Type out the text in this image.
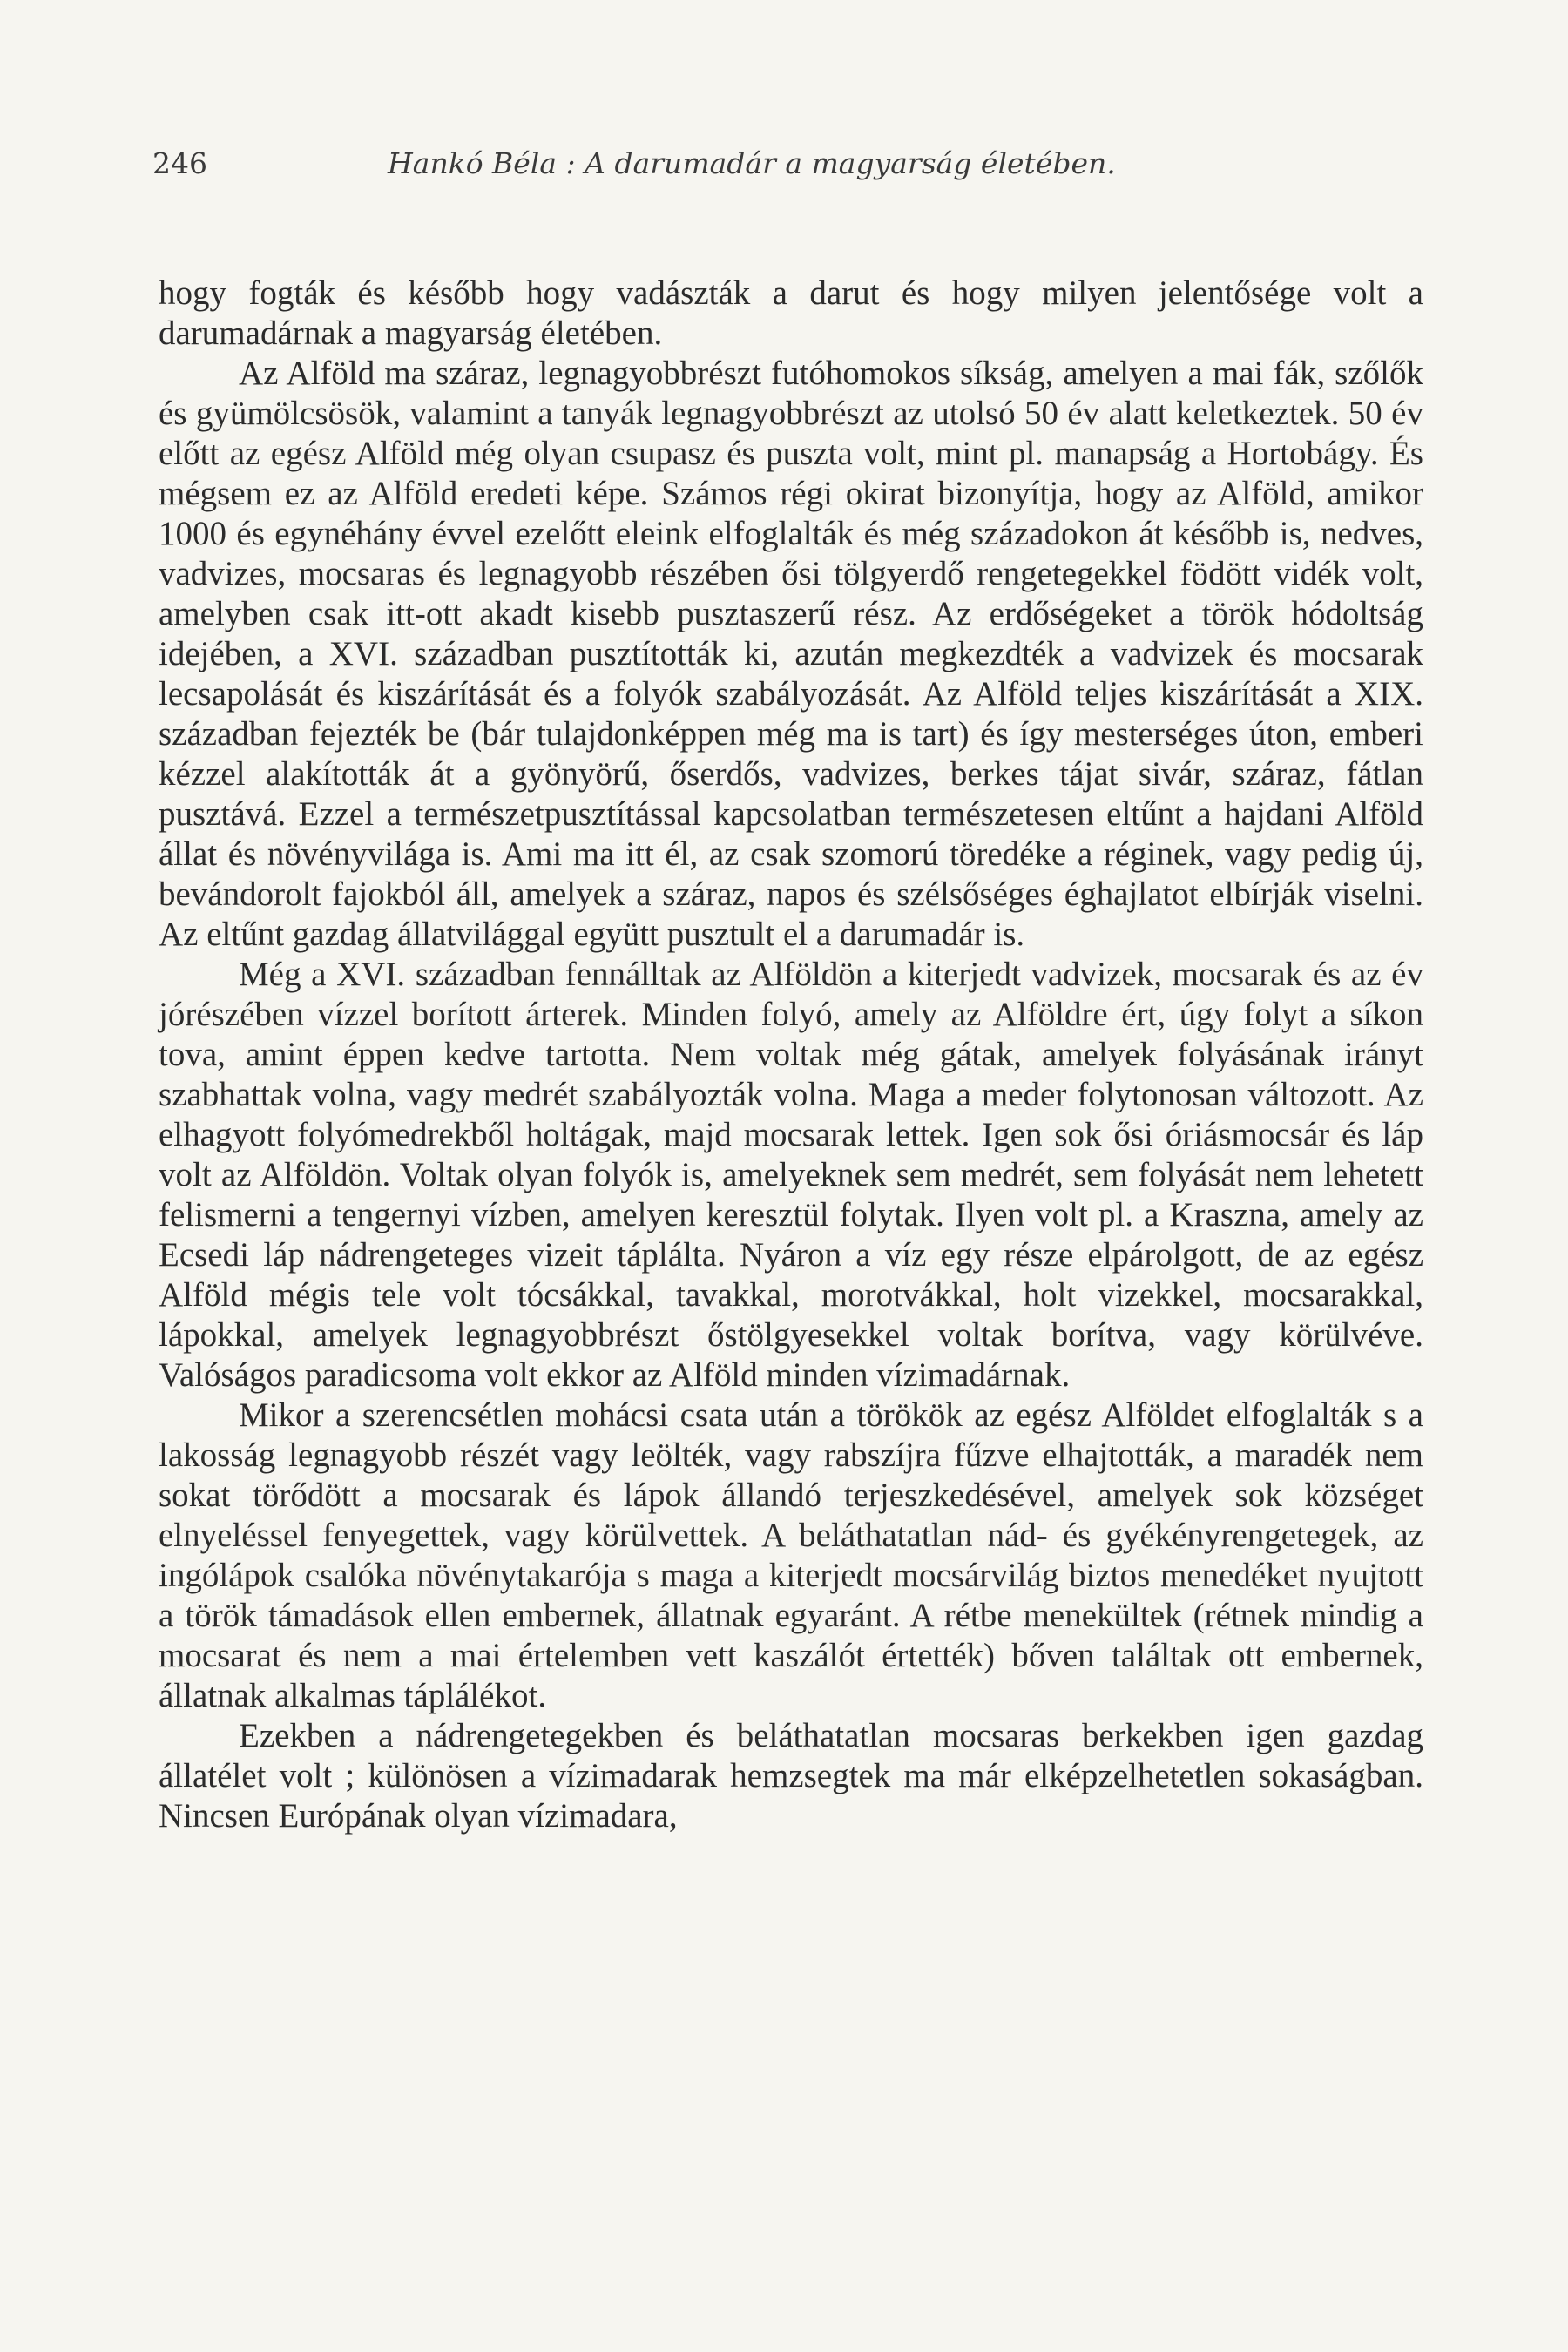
246	Hankó Béla : A darumadár a magyarság életében.

hogy fogták és később hogy vadászták a darut és hogy milyen jelentősége volt a darumadárnak a magyarság életében.

Az Alföld ma száraz, legnagyobbrészt futóhomokos síkság, amelyen a mai fák, szőlők és gyümölcsösök, valamint a tanyák legnagyobbrészt az utolsó 50 év alatt keletkeztek. 50 év előtt az egész Alföld még olyan csupasz és puszta volt, mint pl. manapság a Hortobágy. És mégsem ez az Alföld eredeti képe. Számos régi okirat bizonyítja, hogy az Alföld, amikor 1000 és egynéhány évvel ezelőtt eleink elfoglalták és még századokon át később is, nedves, vadvizes, mocsaras és legnagyobb részében ősi tölgyerdő rengetegekkel födött vidék volt, amelyben csak itt-ott akadt kisebb pusztaszerű rész. Az erdőségeket a török hódoltság idejében, a XVI. században pusztították ki, azután megkezdték a vadvizek és mocsarak lecsapolását és kiszárítását és a folyók szabályozását. Az Alföld teljes kiszárítását a XIX. században fejezték be (bár tulajdonképpen még ma is tart) és így mesterséges úton, emberi kézzel alakították át a gyönyörű, őserdős, vadvizes, berkes tájat sivár, száraz, fátlan pusztává. Ezzel a természetpusztítással kapcsolatban természetesen eltűnt a hajdani Alföld állat és növényvilága is. Ami ma itt él, az csak szomorú töredéke a réginek, vagy pedig új, bevándorolt fajokból áll, amelyek a száraz, napos és szélsőséges éghajlatot elbírják viselni. Az eltűnt gazdag állatvilággal együtt pusztult el a darumadár is.

Még a XVI. században fennálltak az Alföldön a kiterjedt vadvizek, mocsarak és az év jórészében vízzel borított árterek. Minden folyó, amely az Alföldre ért, úgy folyt a síkon tova, amint éppen kedve tartotta. Nem voltak még gátak, amelyek folyásának irányt szabhattak volna, vagy medrét szabályozták volna. Maga a meder folytonosan változott. Az elhagyott folyómedrekből holtágak, majd mocsarak lettek. Igen sok ősi óriásmocsár és láp volt az Alföldön. Voltak olyan folyók is, amelyeknek sem medrét, sem folyását nem lehetett felismerni a tengernyi vízben, amelyen keresztül folytak. Ilyen volt pl. a Kraszna, amely az Ecsedi láp nádrengeteges vizeit táplálta. Nyáron a víz egy része elpárolgott, de az egész Alföld mégis tele volt tócsákkal, tavakkal, morotvákkal, holt vizekkel, mocsarakkal, lápokkal, amelyek legnagyobbrészt őstölgyesekkel voltak borítva, vagy körülvéve. Valóságos paradicsoma volt ekkor az Alföld minden vízimadárnak.

Mikor a szerencsétlen mohácsi csata után a törökök az egész Alföldet elfoglalták s a lakosság legnagyobb részét vagy leölték, vagy rabszíjra fűzve elhajtották, a maradék nem sokat törődött a mocsarak és lápok állandó terjeszkedésével, amelyek sok községet elnyeléssel fenyegettek, vagy körülvettek. A beláthatatlan nád- és gyékényrengetegek, az ingólápok csalóka növénytakarója s maga a kiterjedt mocsárvilág biztos menedéket nyujtott a török támadások ellen embernek, állatnak egyaránt. A rétbe menekültek (rétnek mindig a mocsarat és nem a mai értelemben vett kaszálót értették) bőven találtak ott embernek, állatnak alkalmas táplálékot.

Ezekben a nádrengetegekben és beláthatatlan mocsaras berkekben igen gazdag állatélet volt ; különösen a vízimadarak hemzsegtek ma már elképzelhetetlen sokaságban. Nincsen Európának olyan vízimadara,
